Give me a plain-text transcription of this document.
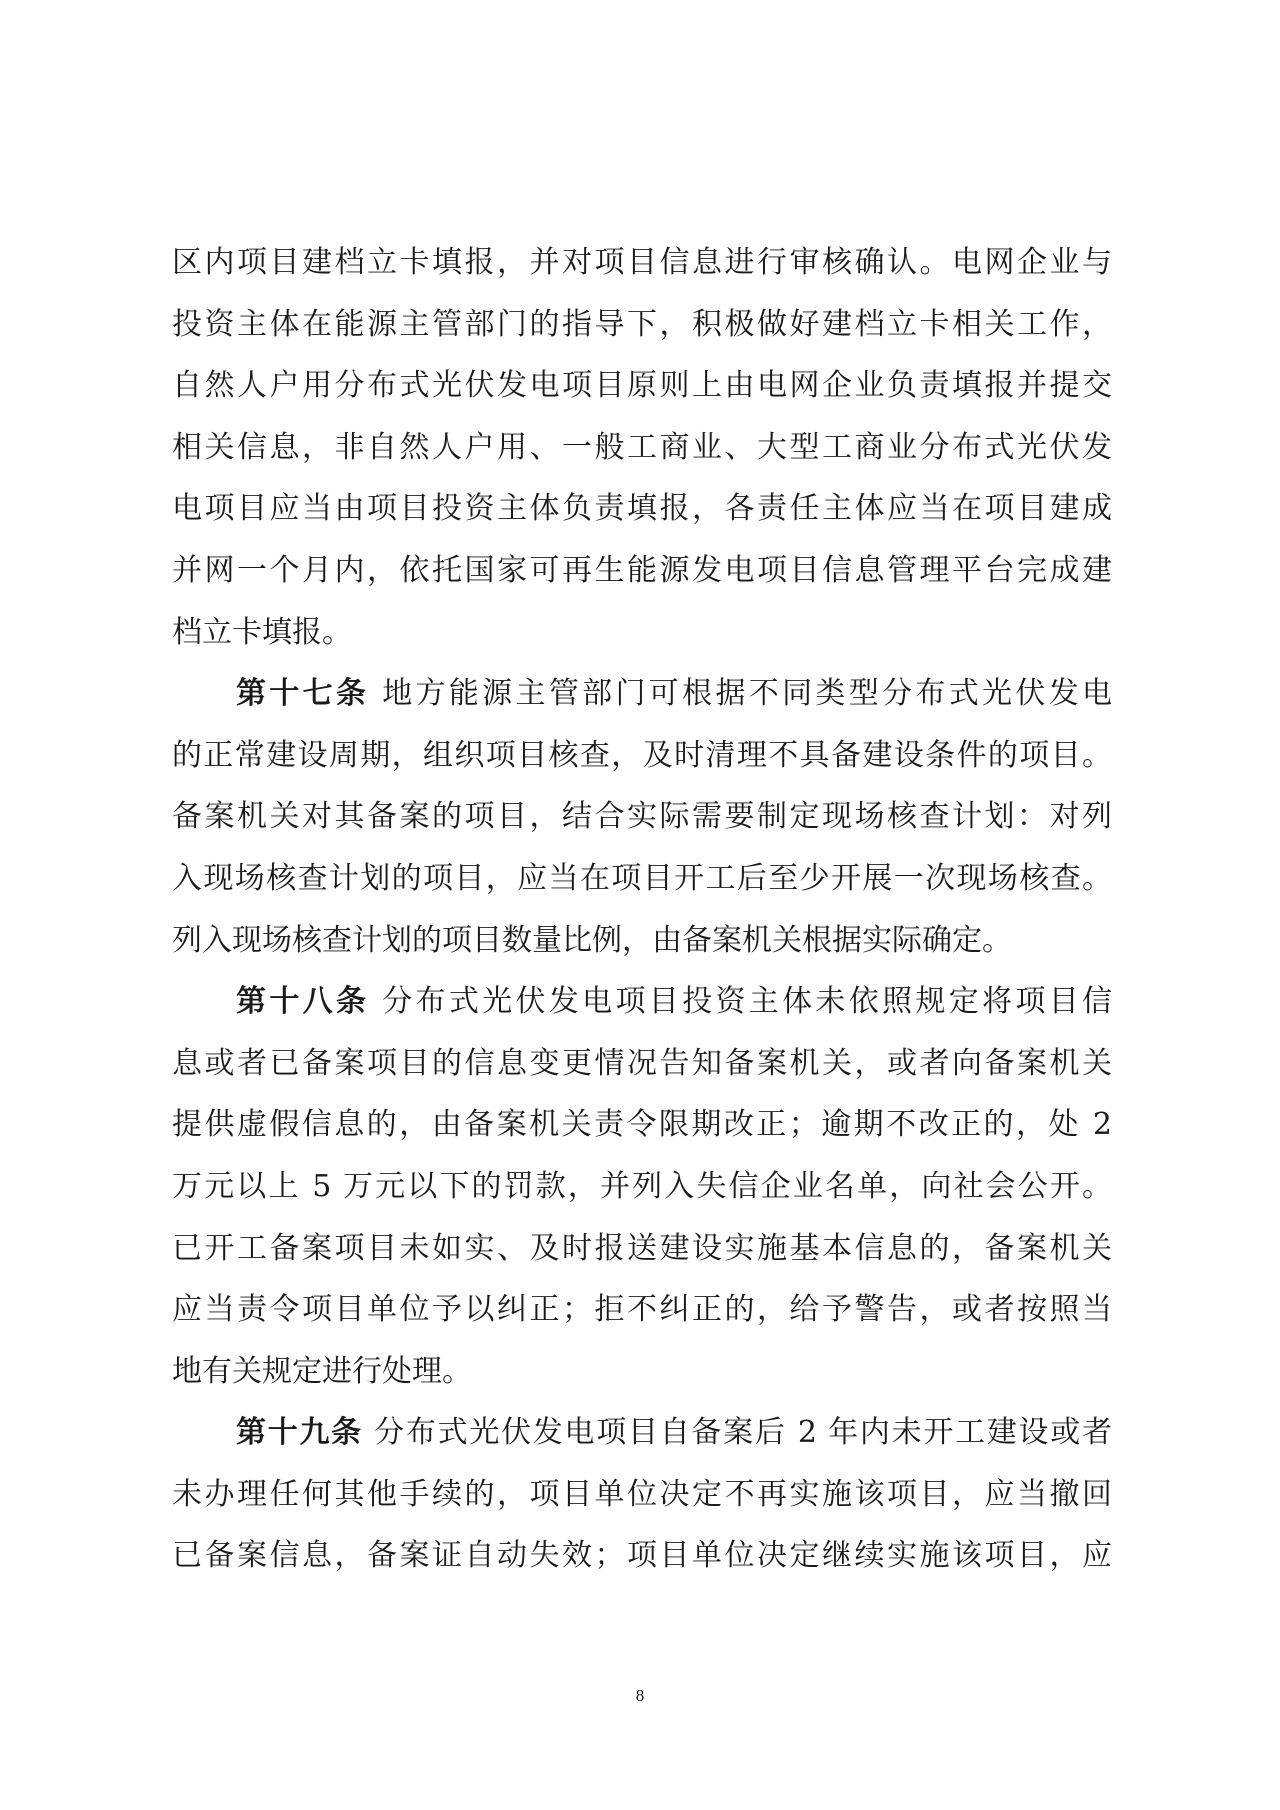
区内项目建档立卡填报，并对项目信息进行审核确认。电网企业与
投资主体在能源主管部门的指导下，积极做好建档立卡相关工作，
自然人户用分布式光伏发电项目原则上由电网企业负责填报并提交
相关信息，非自然人户用、一般工商业、大型工商业分布式光伏发
电项目应当由项目投资主体负责填报，各责任主体应当在项目建成
并网一个月内，依托国家可再生能源发电项目信息管理平台完成建
档立卡填报。
第十七条 地方能源主管部门可根据不同类型分布式光伏发电
的正常建设周期，组织项目核查，及时清理不具备建设条件的项目。
备案机关对其备案的项目，结合实际需要制定现场核查计划：对列
入现场核查计划的项目，应当在项目开工后至少开展一次现场核查。
列入现场核查计划的项目数量比例，由备案机关根据实际确定。
第十八条 分布式光伏发电项目投资主体未依照规定将项目信
息或者已备案项目的信息变更情况告知备案机关，或者向备案机关
提供虚假信息的，由备案机关责令限期改正；逾期不改正的，处 2
万元以上 5 万元以下的罚款，并列入失信企业名单，向社会公开。
已开工备案项目未如实、及时报送建设实施基本信息的，备案机关
应当责令项目单位予以纠正；拒不纠正的，给予警告，或者按照当
地有关规定进行处理。
第十九条 分布式光伏发电项目自备案后 2 年内未开工建设或者
未办理任何其他手续的，项目单位决定不再实施该项目，应当撤回
已备案信息，备案证自动失效；项目单位决定继续实施该项目，应
8
